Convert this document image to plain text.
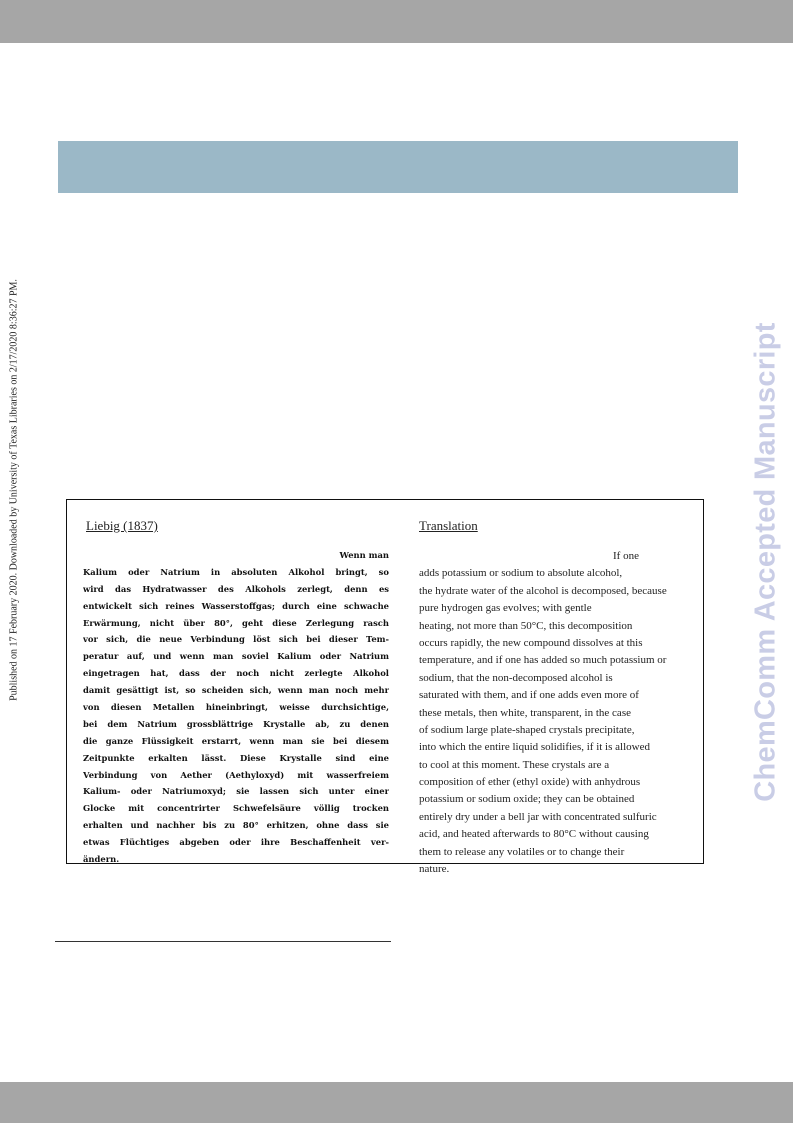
Published on 17 February 2020. Downloaded by University of Texas Libraries on 2/17/2020 8:36:27 PM.	ChemComm Accepted Manuscript
Liebig (1837)	Translation
Wenn man
Kalium oder Natrium in absoluten Alkohol bringt, so
wird das Hydratwasser des Alkohols zerlegt, denn es
entwickelt sich reines Wasserstoffgas; durch eine schwache
Erwärmung, nicht über 80°, geht diese Zerlegung rasch
vor sich, die neue Verbindung löst sich bei dieser Tem-
peratur auf, und wenn man soviel Kalium oder Natrium
eingetragen hat, dass der noch nicht zerlegte Alkohol
damit gesättigt ist, so scheiden sich, wenn man noch mehr
von diesen Metallen hineinbringt, weisse durchsichtige,
bei dem Natrium grossblättrige Krystalle ab, zu denen
die ganze Flüssigkeit erstarrt, wenn man sie bei diesem
Zeitpunkte erkalten lässt. Diese Krystalle sind eine
Verbindung von Aether (Aethyloxyd) mit wasserfreiem
Kalium- oder Natriumoxyd; sie lassen sich unter einer
Glocke mit concentrirter Schwefelsäure völlig trocken
erhalten und nachher bis zu 80° erhitzen, ohne dass sie
etwas Flüchtiges abgeben oder ihre Beschaffenheit ver-
ändern.
If one
adds potassium or sodium to absolute alcohol,
the hydrate water of the alcohol is decomposed, because
pure hydrogen gas evolves; with gentle
heating, not more than 50°C, this decomposition
occurs rapidly, the new compound dissolves at this
temperature, and if one has added so much potassium or
sodium, that the non-decomposed alcohol is
saturated with them, and if one adds even more of
these metals, then white, transparent, in the case
of sodium large plate-shaped crystals precipitate,
into which the entire liquid solidifies, if it is allowed
to cool at this moment. These crystals are a
composition of ether (ethyl oxide) with anhydrous
potassium or sodium oxide; they can be obtained
entirely dry under a bell jar with concentrated sulfuric
acid, and heated afterwards to 80°C without causing
them to release any volatiles or to change their
nature.
